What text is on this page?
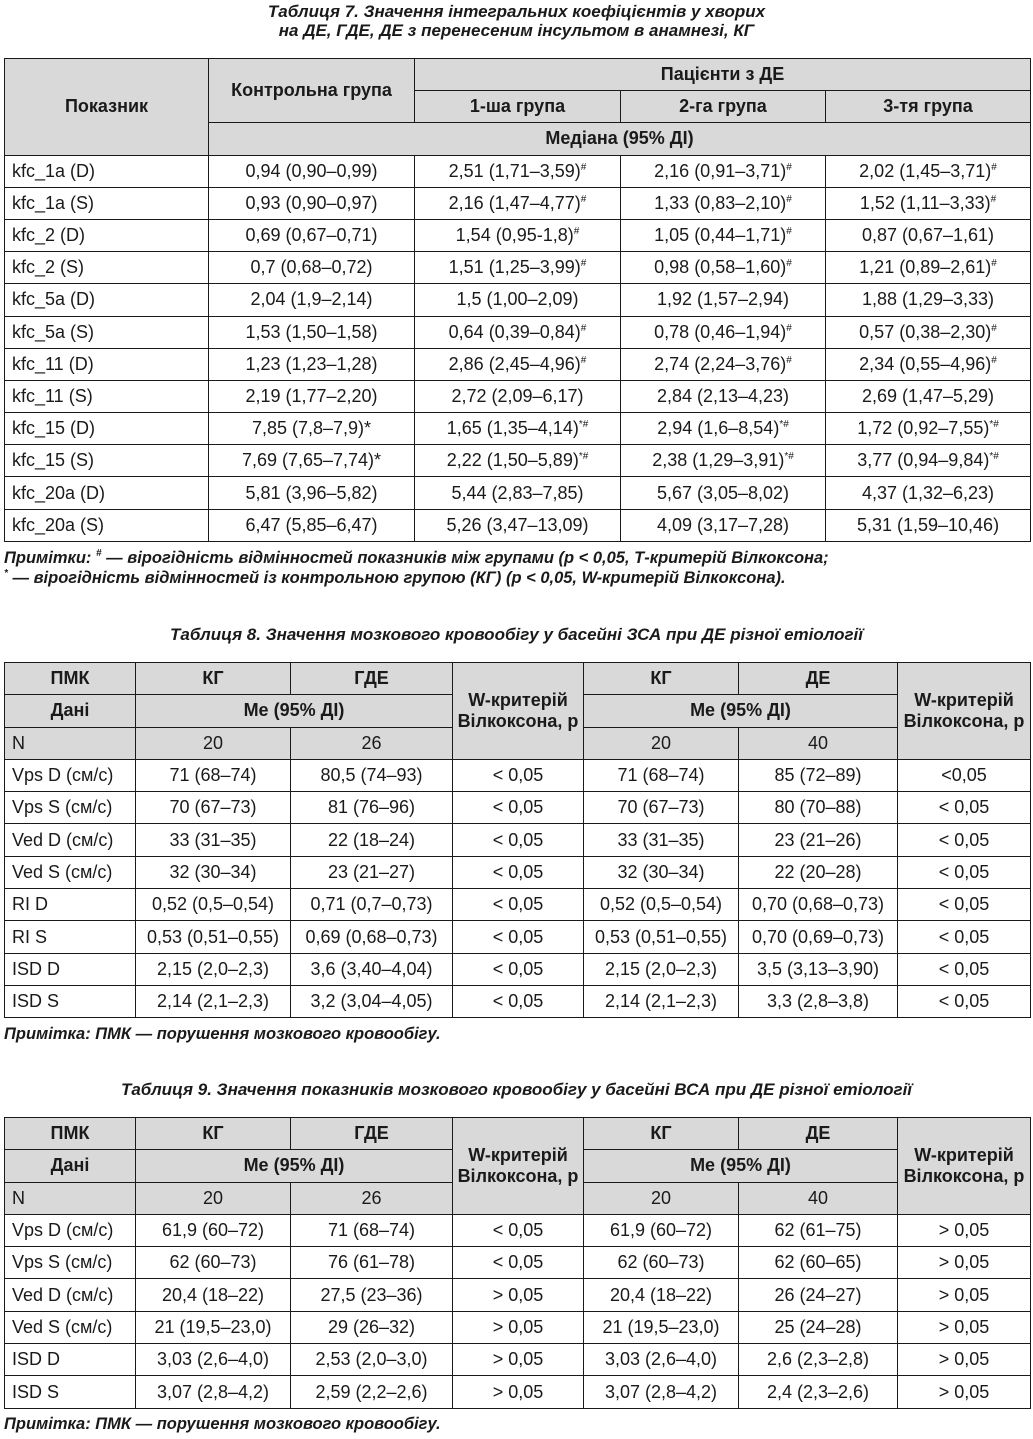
Таблиця 7. Значення інтегральних коефіцієнтів у хворих
на ДЕ, ГДЕ, ДЕ з перенесеним інсультом в анамнезі, КГ
Показник	Контрольна група	Пацієнти з ДЕ		
		1-ша група	2-га група	3-тя група
	Медіана (95% ДІ)			
kfc_1a (D)	0,94 (0,90–0,99)	2,51 (1,71–3,59)#	2,16 (0,91–3,71)#	2,02 (1,45–3,71)#
kfc_1a (S)	0,93 (0,90–0,97)	2,16 (1,47–4,77)#	1,33 (0,83–2,10)#	1,52 (1,11–3,33)#
kfc_2 (D)	0,69 (0,67–0,71)	1,54 (0,95-1,8)#	1,05 (0,44–1,71)#	0,87 (0,67–1,61)
kfc_2 (S)	0,7 (0,68–0,72)	1,51 (1,25–3,99)#	0,98 (0,58–1,60)#	1,21 (0,89–2,61)#
kfc_5a (D)	2,04 (1,9–2,14)	1,5 (1,00–2,09)	1,92 (1,57–2,94)	1,88 (1,29–3,33)
kfc_5a (S)	1,53 (1,50–1,58)	0,64 (0,39–0,84)#	0,78 (0,46–1,94)#	0,57 (0,38–2,30)#
kfc_11 (D)	1,23 (1,23–1,28)	2,86 (2,45–4,96)#	2,74 (2,24–3,76)#	2,34 (0,55–4,96)#
kfc_11 (S)	2,19 (1,77–2,20)	2,72 (2,09–6,17)	2,84 (2,13–4,23)	2,69 (1,47–5,29)
kfc_15 (D)	7,85 (7,8–7,9)*	1,65 (1,35–4,14)*#	2,94 (1,6–8,54)*#	1,72 (0,92–7,55)*#
kfc_15 (S)	7,69 (7,65–7,74)*	2,22 (1,50–5,89)*#	2,38 (1,29–3,91)*#	3,77 (0,94–9,84)*#
kfc_20a (D)	5,81 (3,96–5,82)	5,44 (2,83–7,85)	5,67 (3,05–8,02)	4,37 (1,32–6,23)
kfc_20a (S)	6,47 (5,85–6,47)	5,26 (3,47–13,09)	4,09 (3,17–7,28)	5,31 (1,59–10,46)
Примітки: # — вірогідність відмінностей показників між групами (р < 0,05, Т-критерій Вілкоксона;
* — вірогідність відмінностей із контрольною групою (КГ) (р < 0,05, W-критерій Вілкоксона).
Таблиця 8. Значення мозкового кровообігу у басейні ЗСА при ДЕ різної етіології
ПМК	КГ	ГДЕ	W-критерій Вілкоксона, р	КГ	ДЕ	W-критерій Вілкоксона, р
Дані	Ме (95% ДІ)			Ме (95% ДІ)		
N	20	26		20	40	
Vps D (см/с)	71 (68–74)	80,5 (74–93)	< 0,05	71 (68–74)	85 (72–89)	<0,05
Vps S (см/с)	70 (67–73)	81 (76–96)	< 0,05	70 (67–73)	80 (70–88)	< 0,05
Ved D (см/с)	33 (31–35)	22 (18–24)	< 0,05	33 (31–35)	23 (21–26)	< 0,05
Ved S (см/с)	32 (30–34)	23 (21–27)	< 0,05	32 (30–34)	22 (20–28)	< 0,05
RI D	0,52 (0,5–0,54)	0,71 (0,7–0,73)	< 0,05	0,52 (0,5–0,54)	0,70 (0,68–0,73)	< 0,05
RI S	0,53 (0,51–0,55)	0,69 (0,68–0,73)	< 0,05	0,53 (0,51–0,55)	0,70 (0,69–0,73)	< 0,05
ISD D	2,15 (2,0–2,3)	3,6 (3,40–4,04)	< 0,05	2,15 (2,0–2,3)	3,5 (3,13–3,90)	< 0,05
ISD S	2,14 (2,1–2,3)	3,2 (3,04–4,05)	< 0,05	2,14 (2,1–2,3)	3,3 (2,8–3,8)	< 0,05
Примітка: ПМК — порушення мозкового кровообігу.
Таблиця 9. Значення показників мозкового кровообігу у басейні ВСА при ДЕ різної етіології
ПМК	КГ	ГДЕ	W-критерій Вілкоксона, р	КГ	ДЕ	W-критерій Вілкоксона, р
Дані	Ме (95% ДІ)			Ме (95% ДІ)		
N	20	26		20	40	
Vps D (см/с)	61,9 (60–72)	71 (68–74)	< 0,05	61,9 (60–72)	62 (61–75)	> 0,05
Vps S (см/с)	62 (60–73)	76 (61–78)	< 0,05	62 (60–73)	62 (60–65)	> 0,05
Ved D (см/с)	20,4 (18–22)	27,5 (23–36)	> 0,05	20,4 (18–22)	26 (24–27)	> 0,05
Ved S (см/с)	21 (19,5–23,0)	29 (26–32)	> 0,05	21 (19,5–23,0)	25 (24–28)	> 0,05
ISD D	3,03 (2,6–4,0)	2,53 (2,0–3,0)	> 0,05	3,03 (2,6–4,0)	2,6 (2,3–2,8)	> 0,05
ISD S	3,07 (2,8–4,2)	2,59 (2,2–2,6)	> 0,05	3,07 (2,8–4,2)	2,4 (2,3–2,6)	> 0,05
Примітка: ПМК — порушення мозкового кровообігу.
